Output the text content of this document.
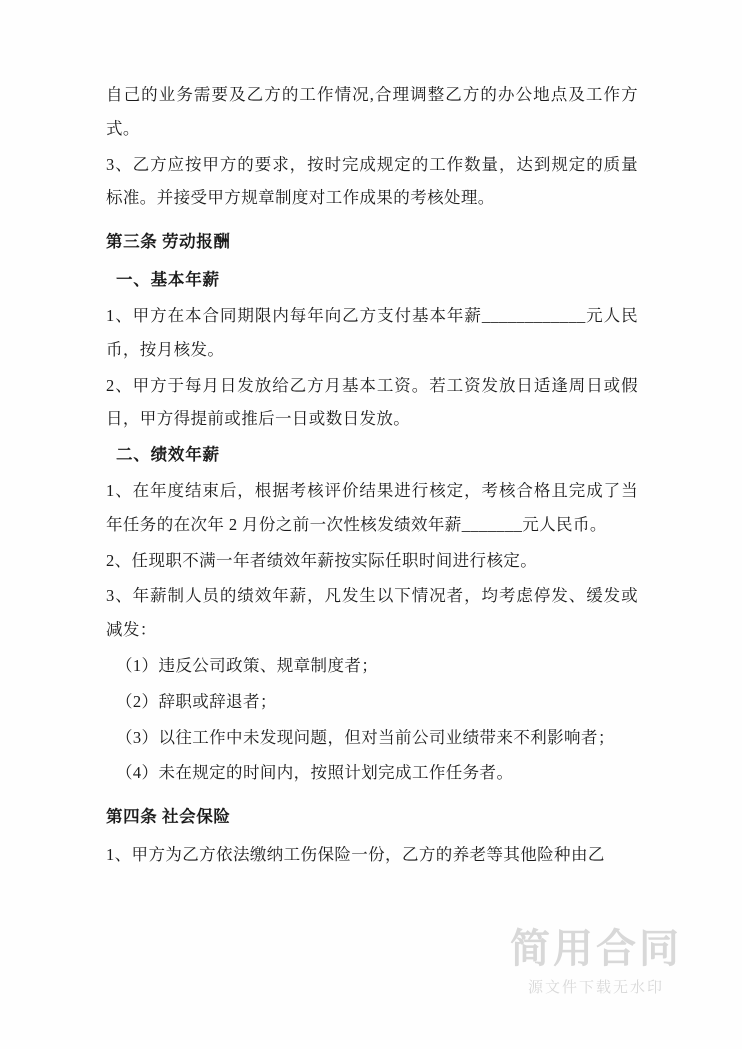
自己的业务需要及乙方的工作情况,合理调整乙方的办公地点及工作方式。

3、乙方应按甲方的要求，按时完成规定的工作数量，达到规定的质量标准。并接受甲方规章制度对工作成果的考核处理。

第三条 劳动报酬

一、基本年薪

1、甲方在本合同期限内每年向乙方支付基本年薪____________元人民币，按月核发。

2、甲方于每月日发放给乙方月基本工资。若工资发放日适逢周日或假日，甲方得提前或推后一日或数日发放。

二、绩效年薪

1、在年度结束后，根据考核评价结果进行核定，考核合格且完成了当年任务的在次年 2 月份之前一次性核发绩效年薪_______元人民币。

2、任现职不满一年者绩效年薪按实际任职时间进行核定。

3、年薪制人员的绩效年薪，凡发生以下情况者，均考虑停发、缓发或减发：

（1）违反公司政策、规章制度者；

（2）辞职或辞退者；

（3）以往工作中未发现问题，但对当前公司业绩带来不利影响者；

（4）未在规定的时间内，按照计划完成工作任务者。

第四条 社会保险

1、甲方为乙方依法缴纳工伤保险一份，乙方的养老等其他险种由乙

简用合同
源文件下载无水印
